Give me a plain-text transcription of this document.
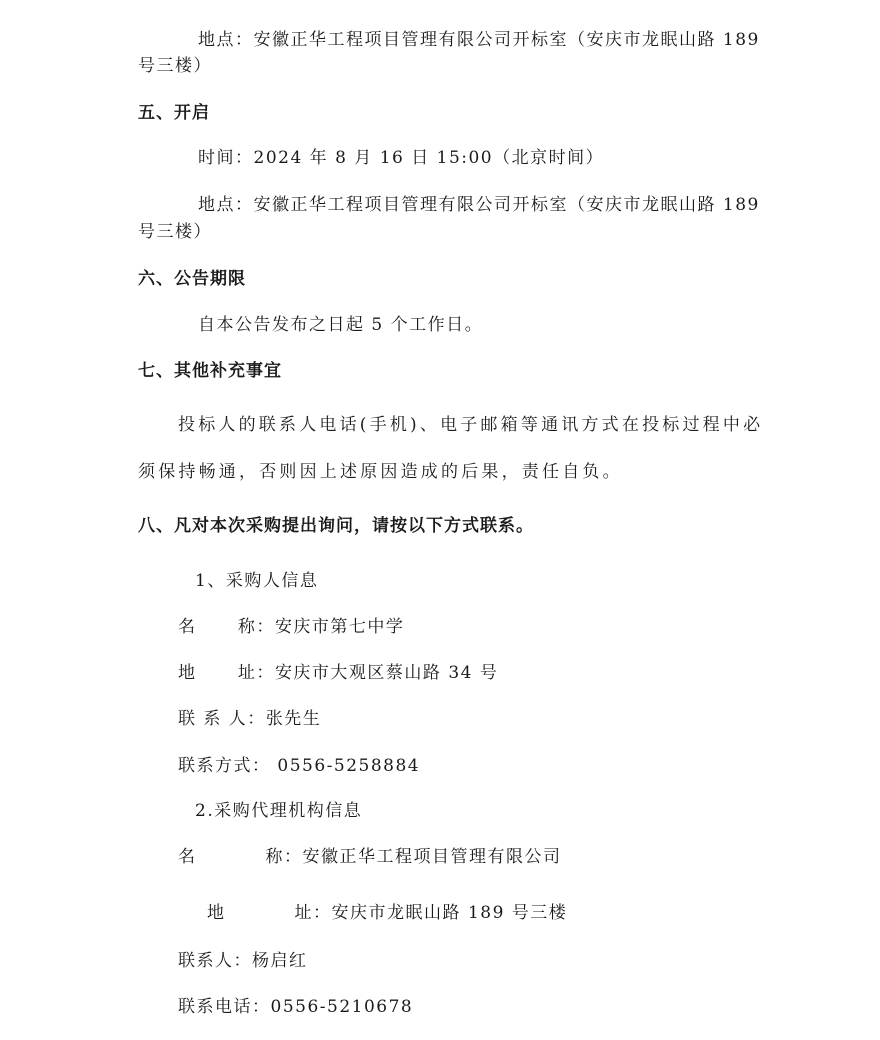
地点：安徽正华工程项目管理有限公司开标室（安庆市龙眠山路 189
号三楼）
五、开启
时间：2024 年 8 月 16 日 15:00（北京时间）
地点：安徽正华工程项目管理有限公司开标室（安庆市龙眠山路 189
号三楼）
六、公告期限
自本公告发布之日起 5 个工作日。
七、其他补充事宜
投标人的联系人电话(手机)、电子邮箱等通讯方式在投标过程中必
须保持畅通，否则因上述原因造成的后果，责任自负。
八、凡对本次采购提出询问，请按以下方式联系。
1、采购人信息
名      称：安庆市第七中学
地      址：安庆市大观区蔡山路 34 号
联 系 人：张先生
联系方式： 0556-5258884
2.采购代理机构信息
名          称：安徽正华工程项目管理有限公司
地          址：安庆市龙眠山路 189 号三楼
联系人：杨启红
联系电话：0556-5210678
